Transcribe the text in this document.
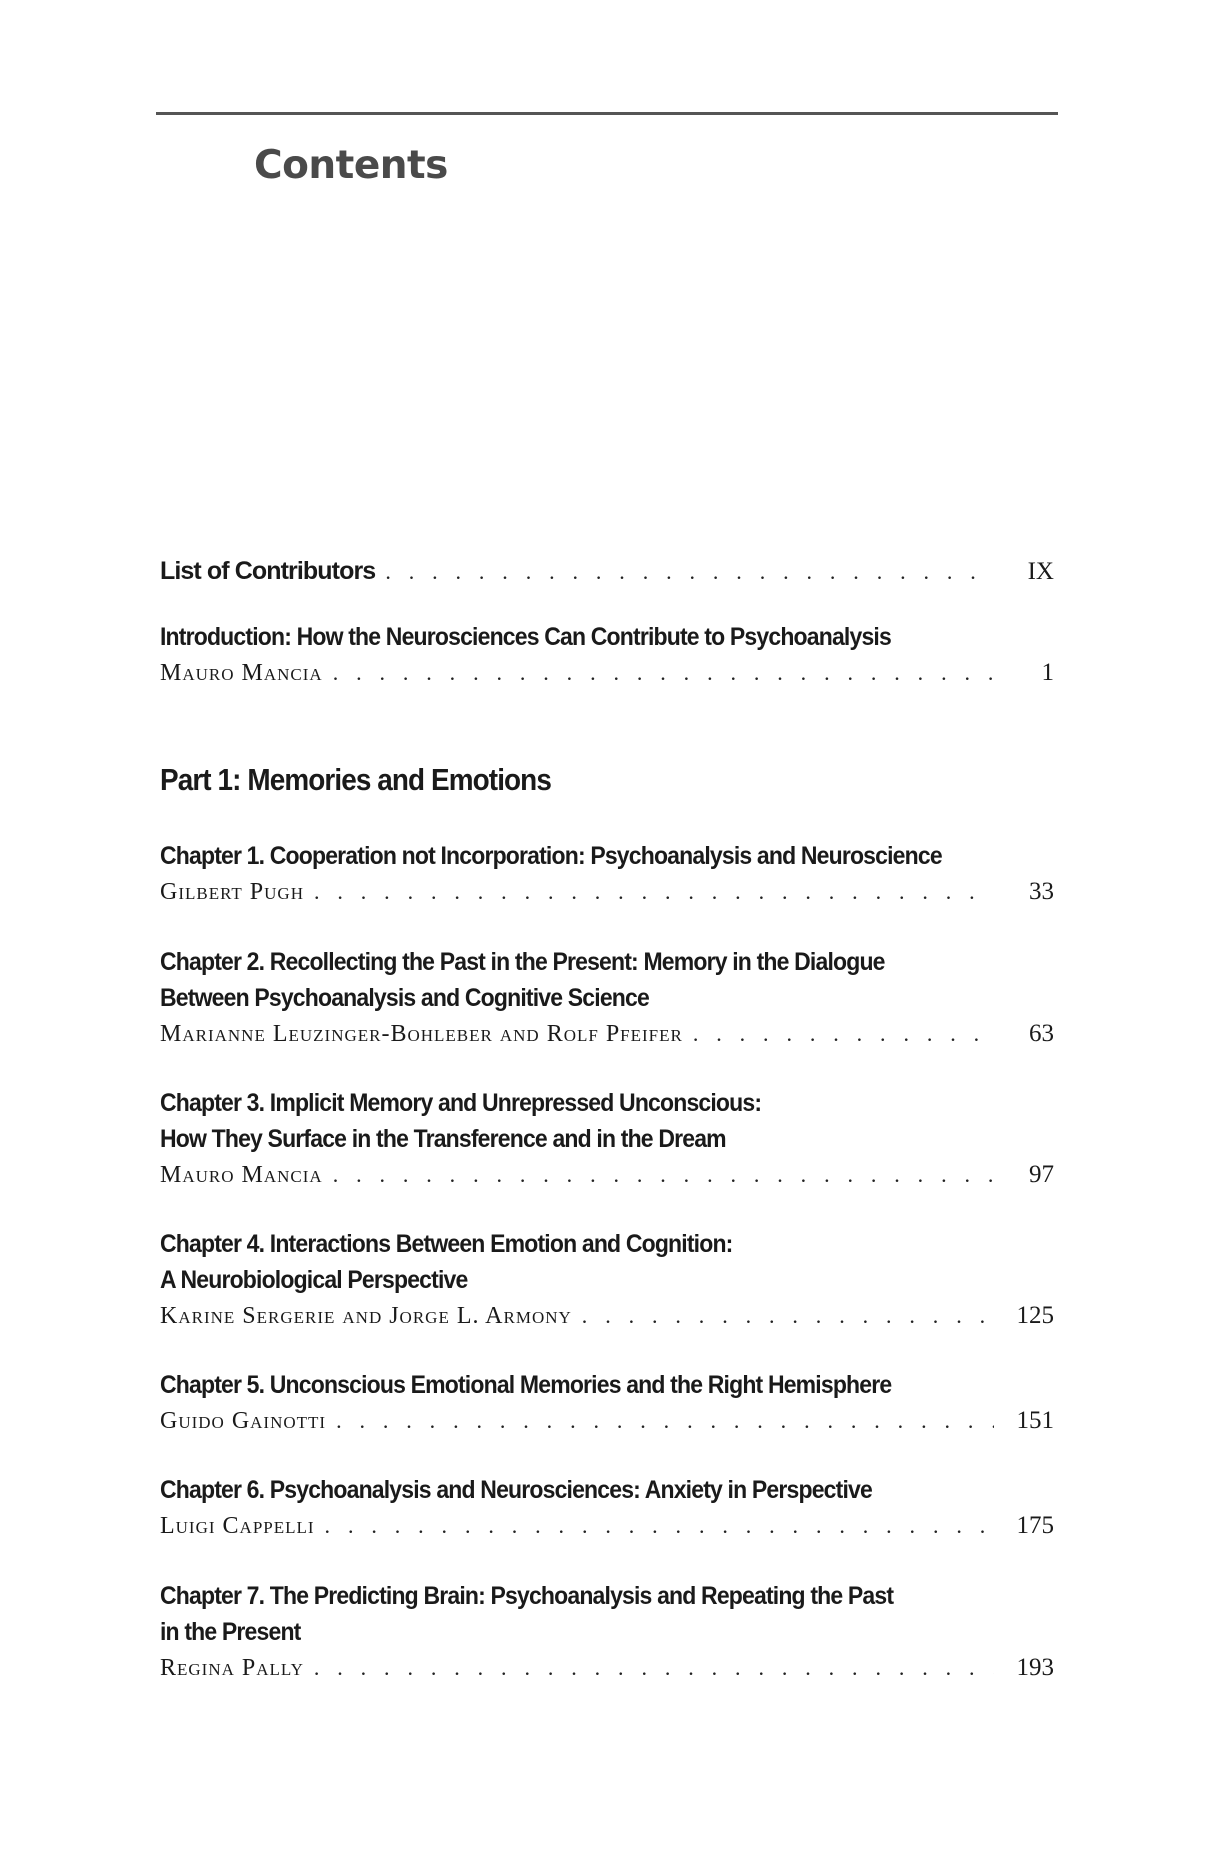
Contents
List of Contributors . . .	IX
Introduction: How the Neurosciences Can Contribute to Psychoanalysis
Mauro Mancia . . .	1
Part 1: Memories and Emotions
Chapter 1. Cooperation not Incorporation: Psychoanalysis and Neuroscience
Gilbert Pugh . . .	33
Chapter 2. Recollecting the Past in the Present: Memory in the Dialogue
Between Psychoanalysis and Cognitive Science
Marianne Leuzinger-Bohleber and Rolf Pfeifer . . .	63
Chapter 3. Implicit Memory and Unrepressed Unconscious:
How They Surface in the Transference and in the Dream
Mauro Mancia . . .	97
Chapter 4. Interactions Between Emotion and Cognition:
A Neurobiological Perspective
Karine Sergerie and Jorge L. Armony . . .	125
Chapter 5. Unconscious Emotional Memories and the Right Hemisphere
Guido Gainotti . . .	151
Chapter 6. Psychoanalysis and Neurosciences: Anxiety in Perspective
Luigi Cappelli . . .	175
Chapter 7. The Predicting Brain: Psychoanalysis and Repeating the Past
in the Present
Regina Pally . . .	193
